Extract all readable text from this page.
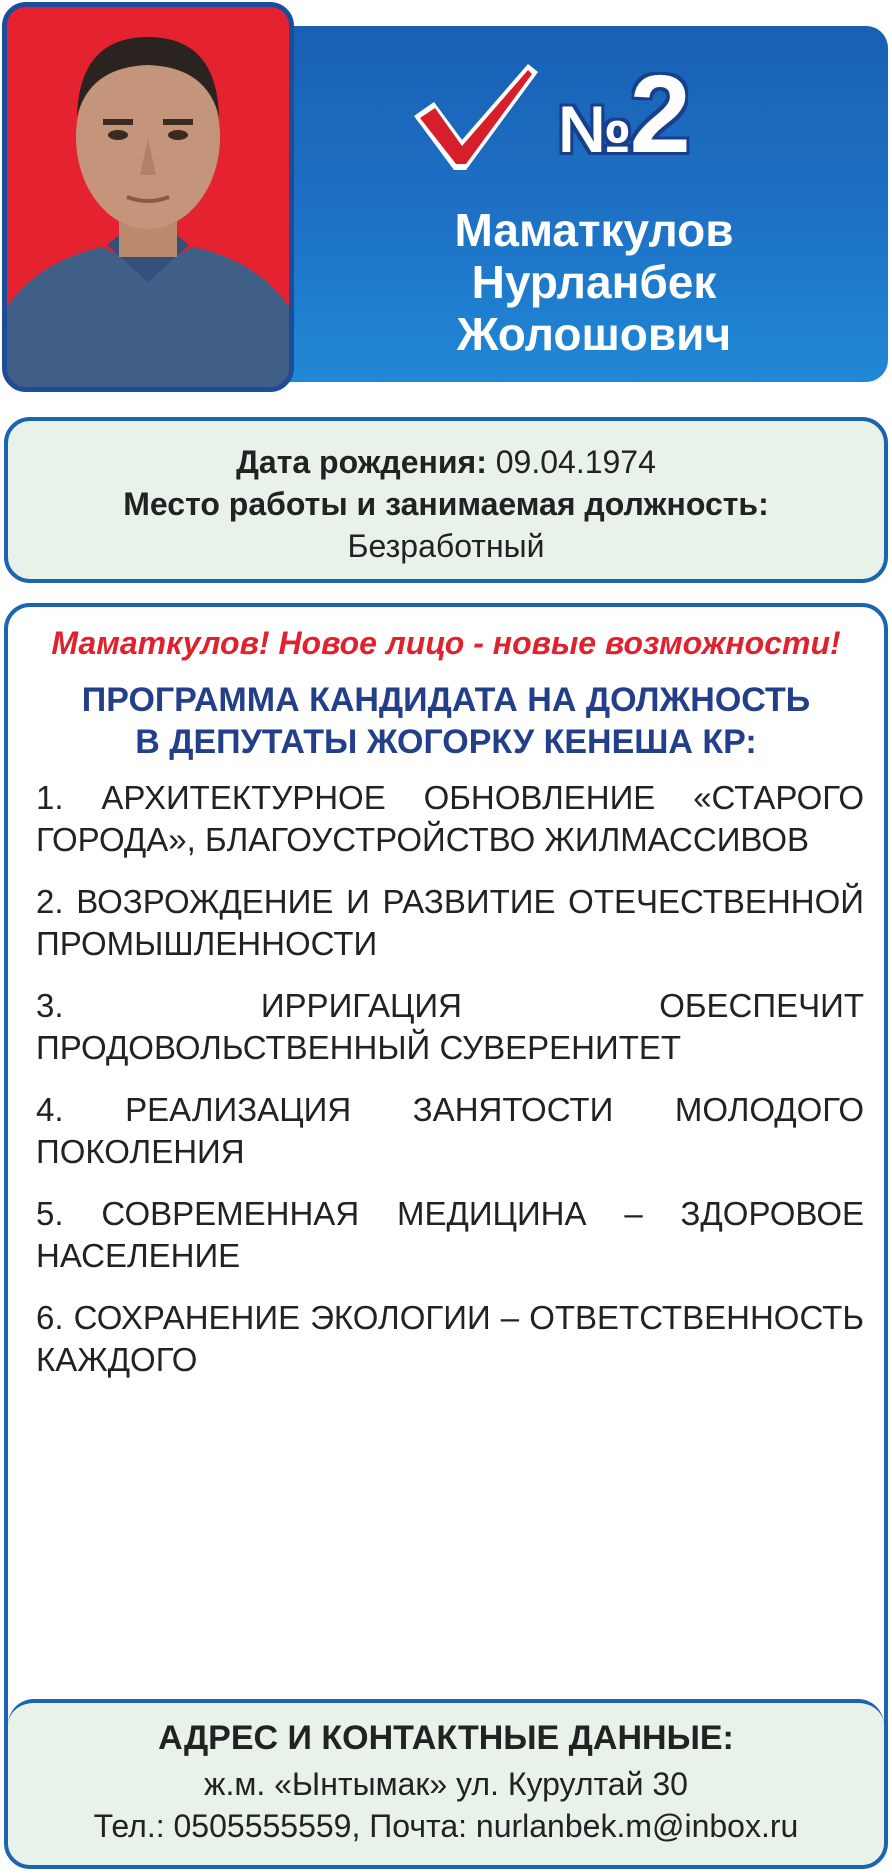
№ 2
Маматкулов
Нурланбек
Жолошович
Дата рождения: 09.04.1974
Место работы и занимаемая должность:
Безработный
Маматкулов! Новое лицо - новые возможности!
ПРОГРАММА КАНДИДАТА НА ДОЛЖНОСТЬ
В ДЕПУТАТЫ ЖОГОРКУ КЕНЕША КР:
1. АРХИТЕКТУРНОЕ ОБНОВЛЕНИЕ «СТАРОГО ГОРОДА», БЛАГОУСТРОЙСТВО ЖИЛМАССИВОВ
2. ВОЗРОЖДЕНИЕ И РАЗВИТИЕ ОТЕЧЕСТВЕННОЙ ПРОМЫШЛЕННОСТИ
3. ИРРИГАЦИЯ ОБЕСПЕЧИТ ПРОДОВОЛЬСТВЕННЫЙ СУВЕРЕНИТЕТ
4. РЕАЛИЗАЦИЯ ЗАНЯТОСТИ МОЛОДОГО ПОКОЛЕНИЯ
5. СОВРЕМЕННАЯ МЕДИЦИНА – ЗДОРОВОЕ НАСЕЛЕНИЕ
6. СОХРАНЕНИЕ ЭКОЛОГИИ – ОТВЕТСТВЕННОСТЬ КАЖДОГО
АДРЕС И КОНТАКТНЫЕ ДАННЫЕ:
ж.м. «Ынтымак» ул. Курултай 30
Тел.: 0505555559, Почта: nurlanbek.m@inbox.ru
